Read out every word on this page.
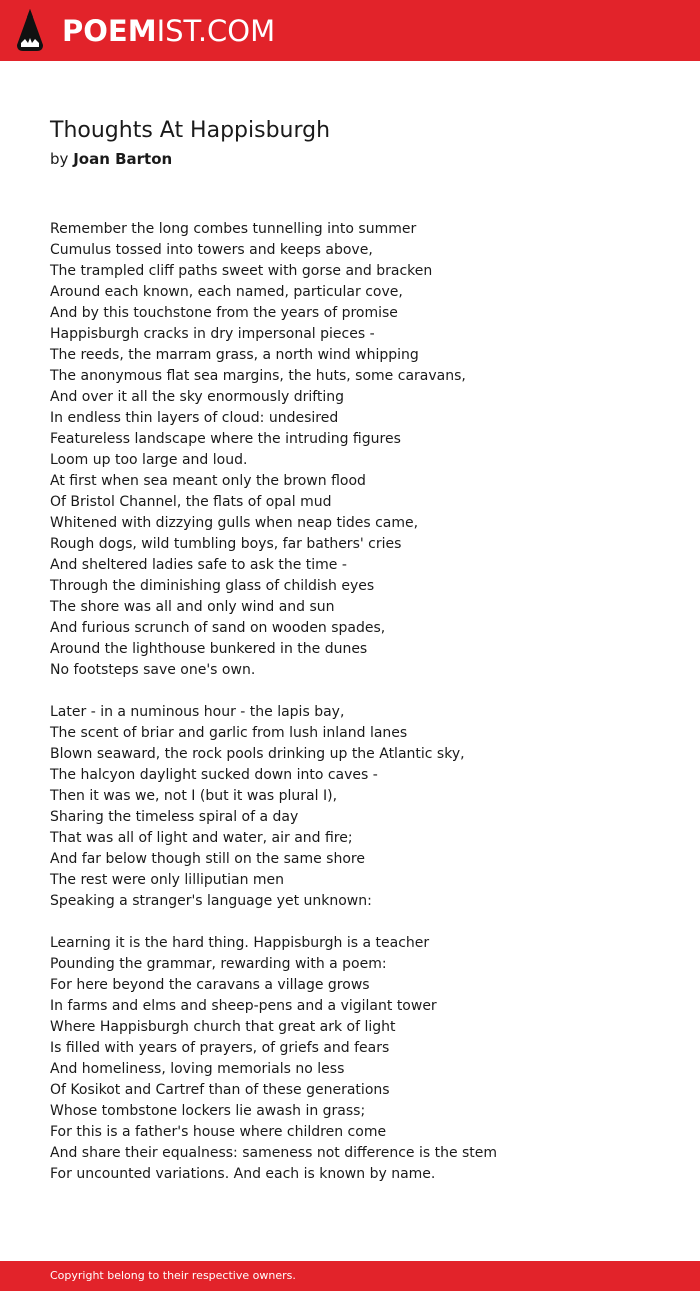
POEMIST.COM
Thoughts At Happisburgh
by Joan Barton
Remember the long combes tunnelling into summer
Cumulus tossed into towers and keeps above,
The trampled cliff paths sweet with gorse and bracken
Around each known, each named, particular cove,
And by this touchstone from the years of promise
Happisburgh cracks in dry impersonal pieces -
The reeds, the marram grass, a north wind whipping
The anonymous flat sea margins, the huts, some caravans,
And over it all the sky enormously drifting
In endless thin layers of cloud: undesired
Featureless landscape where the intruding figures
Loom up too large and loud.
At first when sea meant only the brown flood
Of Bristol Channel, the flats of opal mud
Whitened with dizzying gulls when neap tides came,
Rough dogs, wild tumbling boys, far bathers' cries
And sheltered ladies safe to ask the time -
Through the diminishing glass of childish eyes
The shore was all and only wind and sun
And furious scrunch of sand on wooden spades,
Around the lighthouse bunkered in the dunes
No footsteps save one's own.
Later - in a numinous hour - the lapis bay,
The scent of briar and garlic from lush inland lanes
Blown seaward, the rock pools drinking up the Atlantic sky,
The halcyon daylight sucked down into caves -
Then it was we, not I (but it was plural I),
Sharing the timeless spiral of a day
That was all of light and water, air and fire;
And far below though still on the same shore
The rest were only lilliputian men
Speaking a stranger's language yet unknown:
Learning it is the hard thing. Happisburgh is a teacher
Pounding the grammar, rewarding with a poem:
For here beyond the caravans a village grows
In farms and elms and sheep-pens and a vigilant tower
Where Happisburgh church that great ark of light
Is filled with years of prayers, of griefs and fears
And homeliness, loving memorials no less
Of Kosikot and Cartref than of these generations
Whose tombstone lockers lie awash in grass;
For this is a father's house where children come
And share their equalness: sameness not difference is the stem
For uncounted variations. And each is known by name.
Copyright belong to their respective owners.
